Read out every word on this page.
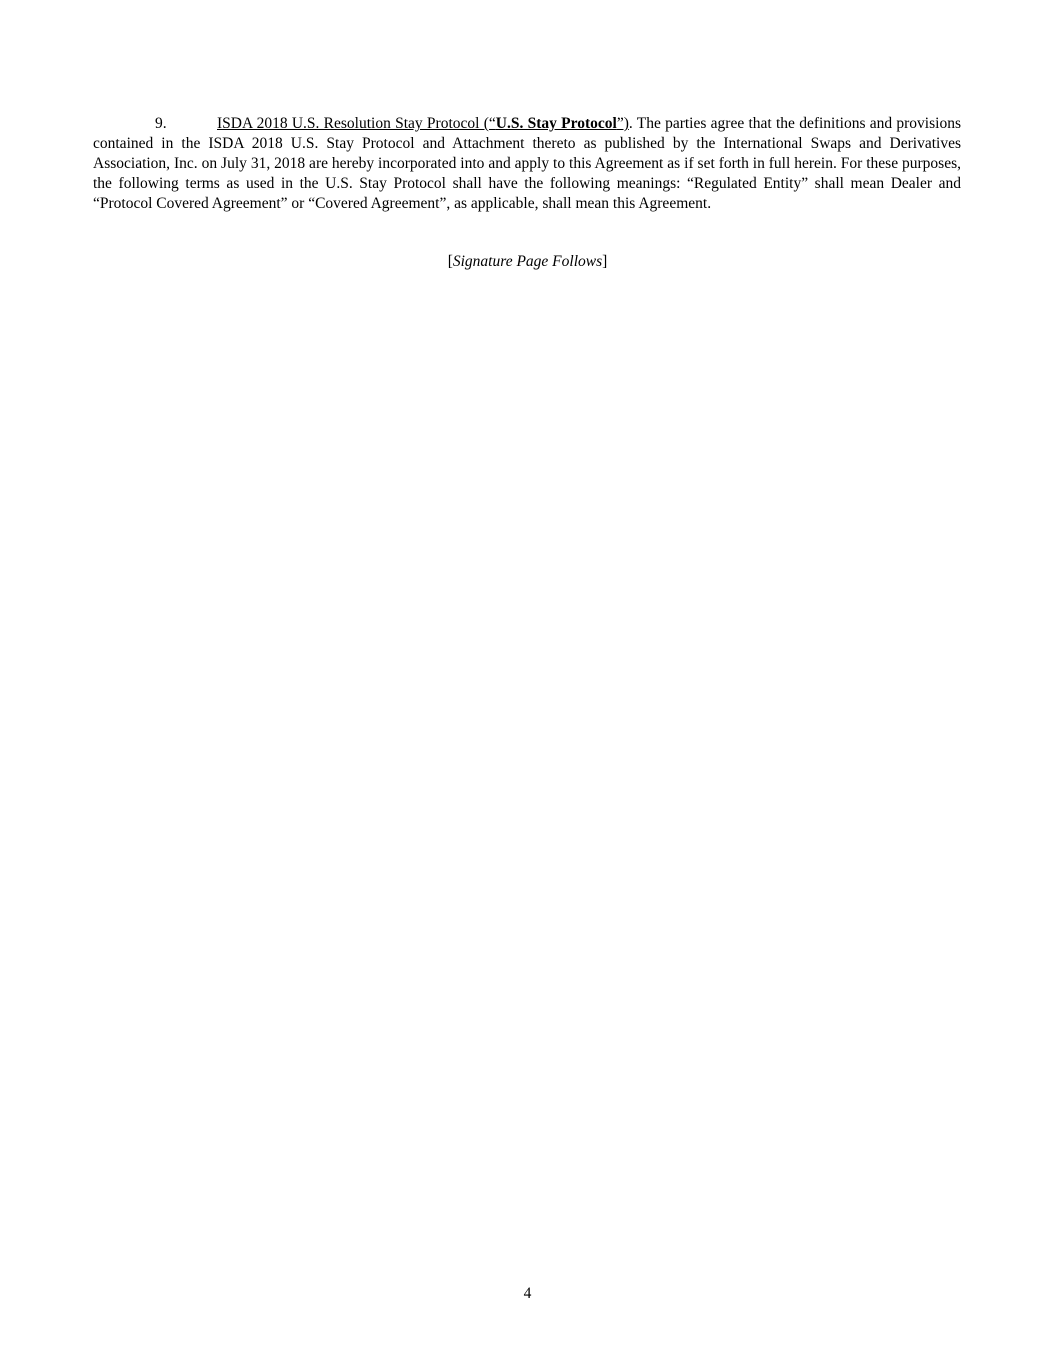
9.	ISDA 2018 U.S. Resolution Stay Protocol (“U.S. Stay Protocol”). The parties agree that the definitions and provisions contained in the ISDA 2018 U.S. Stay Protocol and Attachment thereto as published by the International Swaps and Derivatives Association, Inc. on July 31, 2018 are hereby incorporated into and apply to this Agreement as if set forth in full herein. For these purposes, the following terms as used in the U.S. Stay Protocol shall have the following meanings: “Regulated Entity” shall mean Dealer and “Protocol Covered Agreement” or “Covered Agreement”, as applicable, shall mean this Agreement.

[Signature Page Follows]
4
